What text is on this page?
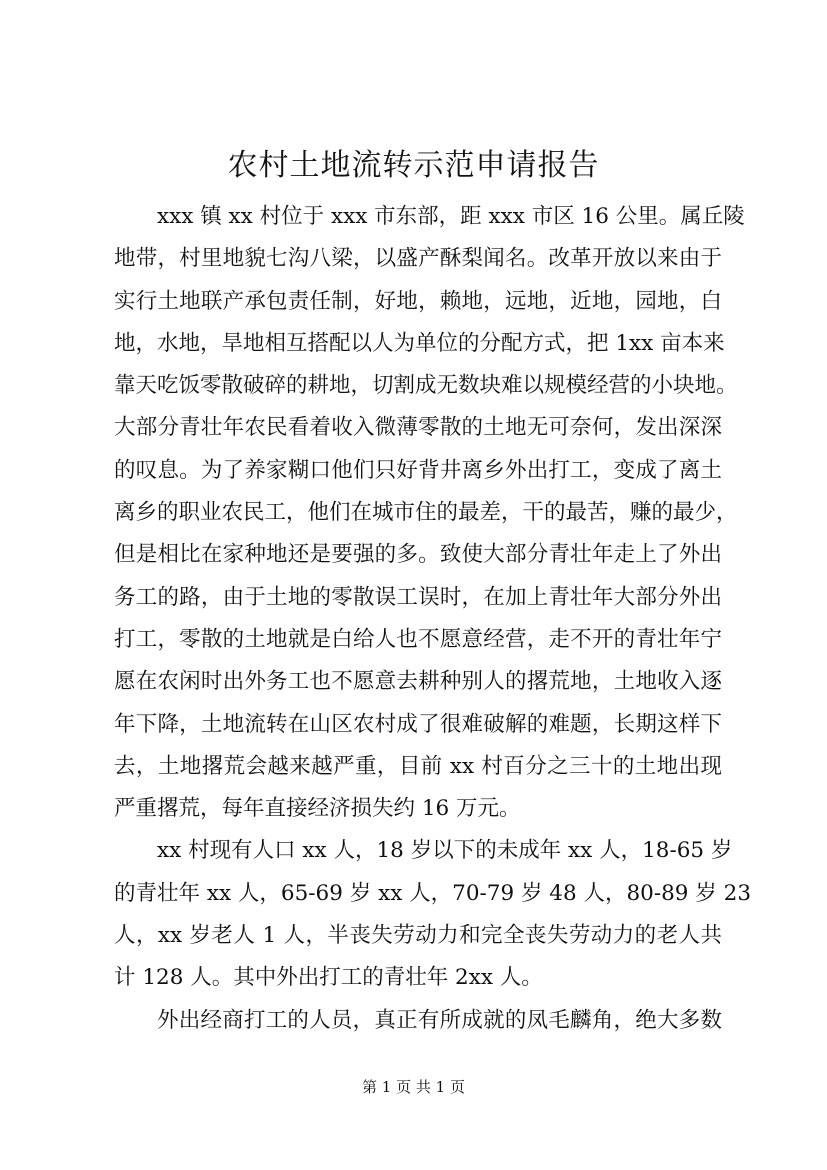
农村土地流转示范申请报告
xxx 镇 xx 村位于 xxx 市东部，距 xxx 市区 16 公里。属丘陵
地带，村里地貌七沟八梁，以盛产酥梨闻名。改革开放以来由于
实行土地联产承包责任制，好地，赖地，远地，近地，园地，白
地，水地，旱地相互搭配以人为单位的分配方式，把 1xx 亩本来
靠天吃饭零散破碎的耕地，切割成无数块难以规模经营的小块地。
大部分青壮年农民看着收入微薄零散的土地无可奈何，发出深深
的叹息。为了养家糊口他们只好背井离乡外出打工，变成了离土
离乡的职业农民工，他们在城市住的最差，干的最苦，赚的最少，
但是相比在家种地还是要强的多。致使大部分青壮年走上了外出
务工的路，由于土地的零散误工误时，在加上青壮年大部分外出
打工，零散的土地就是白给人也不愿意经营，走不开的青壮年宁
愿在农闲时出外务工也不愿意去耕种别人的撂荒地，土地收入逐
年下降，土地流转在山区农村成了很难破解的难题，长期这样下
去，土地撂荒会越来越严重，目前 xx 村百分之三十的土地出现
严重撂荒，每年直接经济损失约 16 万元。
xx 村现有人口 xx 人，18 岁以下的未成年 xx 人，18-65 岁
的青壮年 xx 人，65-69 岁 xx 人，70-79 岁 48 人，80-89 岁 23
人，xx 岁老人 1 人，半丧失劳动力和完全丧失劳动力的老人共
计 128 人。其中外出打工的青壮年 2xx 人。
外出经商打工的人员，真正有所成就的凤毛麟角，绝大多数
第 1 页 共 1 页
